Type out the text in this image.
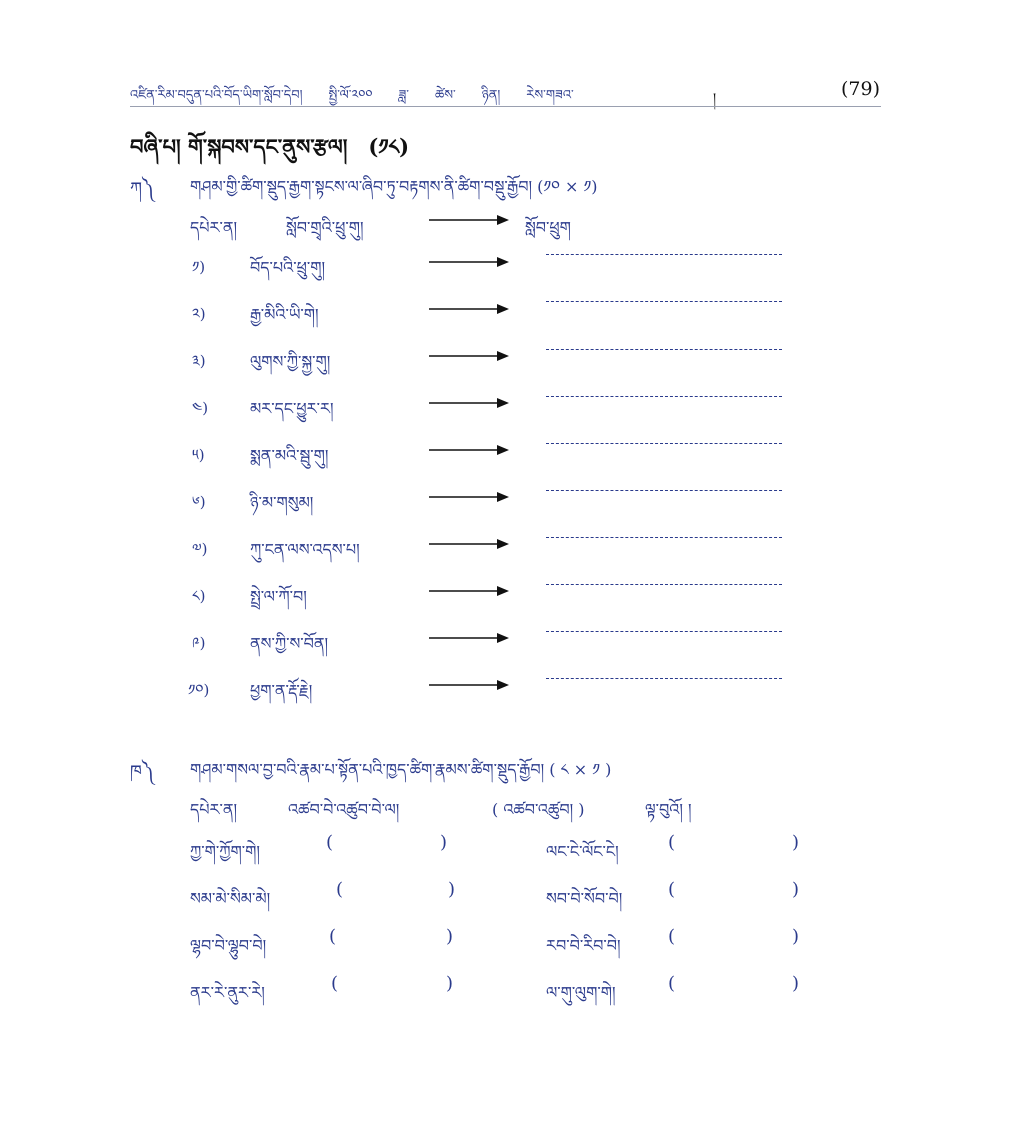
འཛིན་རིམ་བདུན་པའི་བོད་ཡིག་སློབ་དེབ།　　སྤྱི་ལོ་༢༠༠　　ཟླ་　　ཚེས་　　ཉིན།　　རེས་གཟའ་	།	(79)
བཞི་པ། གོ་སྐབས་དང་ནུས་རྩལ།　(༡༨)
ཀ༽ གཤམ་གྱི་ཚིག་སྡུད་རྒྱག་སྟངས་ལ་ཞིབ་ཏུ་བརྟགས་ནི་ཚིག་བསྡུ་རྒྱོབ། (༡༠ × ༡)
དཔེར་ན།	སློབ་གྲྭའི་ཕྲུ་གུ།	སློབ་ཕྲུག
༡)	བོད་པའི་ཕྲུ་གུ།
༢)	རྒྱ་མིའི་ཡི་གེ།
༣)	ལུགས་ཀྱི་སྐྱ་གུ།
༤)	མར་དང་ཕྱུར་ར།
༥)	སྨན་མའི་སྦུ་གུ།
༦)	ཉི་མ་གསུམ།
༧)	ཀུ་ངན་ལས་འདས་པ།
༨)	སྤྲེ་ལ་ཀོ་བ།
༩)	ནས་ཀྱི་ས་བོན།
༡༠)	ཕྱག་ན་རྡོ་རྗེ།
ཁ༽ གཤམ་གསལ་བྱ་བའི་རྣམ་པ་སྟོན་པའི་ཁྱད་ཚིག་རྣམས་ཚིག་སྡུད་རྒྱོབ། ( ༨ × ༡ )
དཔེར་ན།	འཚབ་བེ་འཚུབ་བེ་ལ།	( འཚབ་འཚུབ། )	ལྟ་བུའོ། །
ཀྱ་གེ་ཀྱོག་གེ།	(	)	ལང་ངེ་ལོང་ངེ།	(	)
སམ་མེ་སིམ་མེ།	(	)	སབ་བེ་སོབ་བེ།	(	)
ལྷབ་བེ་ལྷུབ་བེ།	(	)	རབ་བེ་རིབ་བེ།	(	)
ནར་རེ་ནུར་རེ།	(	)	ལ་གུ་ལུག་གེ།	(	)
